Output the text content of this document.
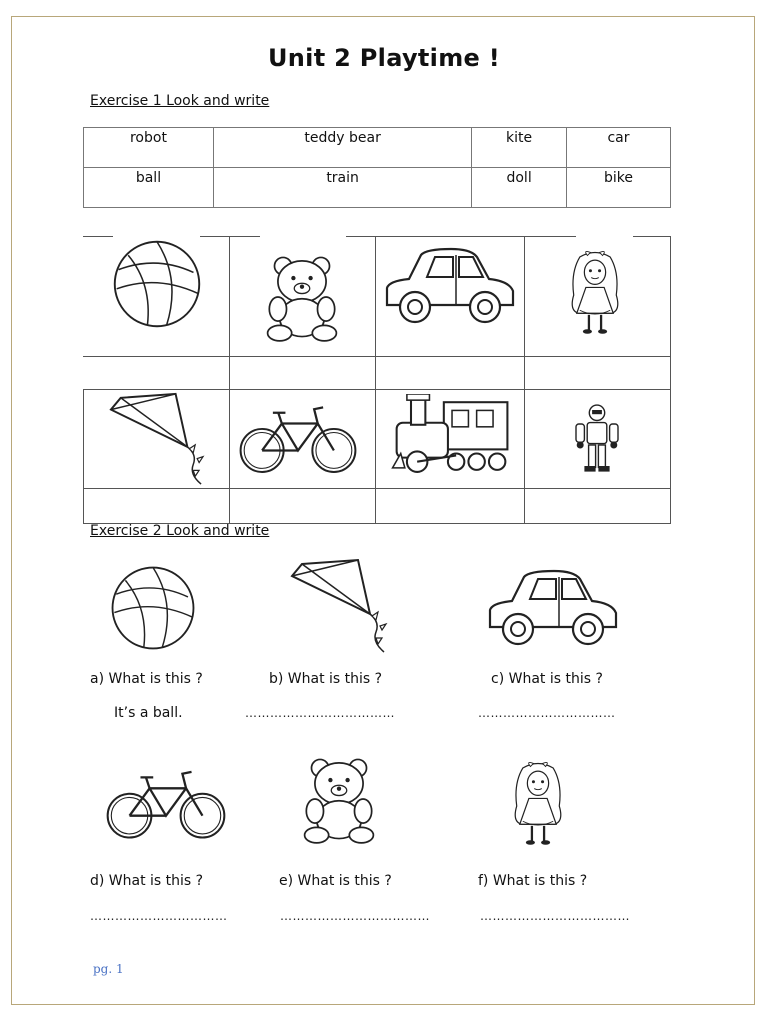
Unit 2 Playtime !
Exercise 1 Look and write
robot	teddy bear	kite	car
ball	train	doll	bike
Exercise 2 Look and write
a) What is this ?	b) What is this ?	c) What is this ?
It’s a ball.	………………………………	……………………………
d) What is this ?	e) What is this ?	f) What is this ?
……………………………	………………………………	………………………………
pg. 1
